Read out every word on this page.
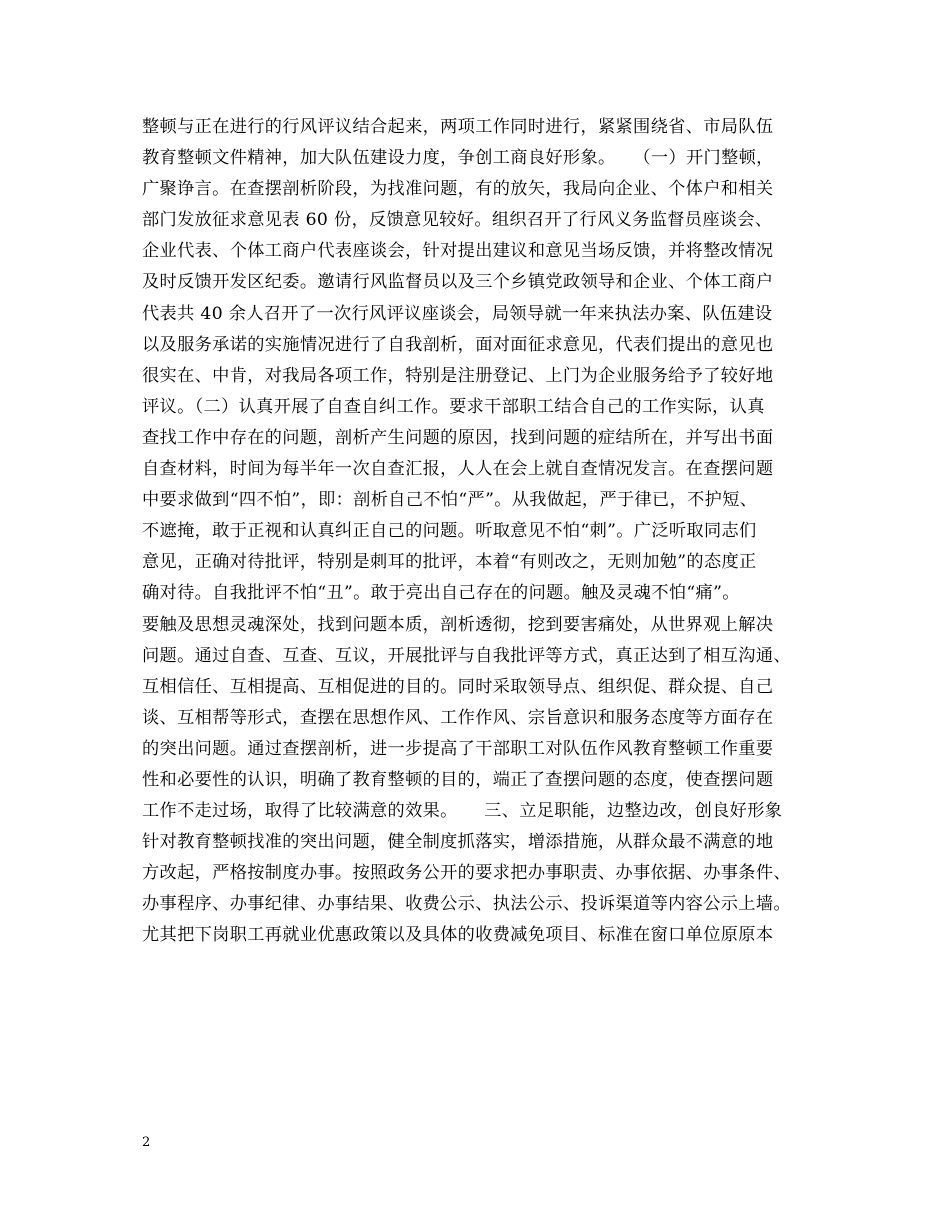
整顿与正在进行的行风评议结合起来，两项工作同时进行，紧紧围绕省、市局队伍
教育整顿文件精神，加大队伍建设力度，争创工商良好形象。　　（一）开门整顿，
广聚诤言。在查摆剖析阶段，为找准问题，有的放矢，我局向企业、个体户和相关
部门发放征求意见表 60 份，反馈意见较好。组织召开了行风义务监督员座谈会、
企业代表、个体工商户代表座谈会，针对提出建议和意见当场反馈，并将整改情况
及时反馈开发区纪委。邀请行风监督员以及三个乡镇党政领导和企业、个体工商户
代表共 40 余人召开了一次行风评议座谈会，局领导就一年来执法办案、队伍建设
以及服务承诺的实施情况进行了自我剖析，面对面征求意见，代表们提出的意见也
很实在、中肯，对我局各项工作，特别是注册登记、上门为企业服务给予了较好地
评议。（二）认真开展了自查自纠工作。要求干部职工结合自己的工作实际，认真
查找工作中存在的问题，剖析产生问题的原因，找到问题的症结所在，并写出书面
自查材料，时间为每半年一次自查汇报，人人在会上就自查情况发言。在查摆问题
中要求做到“四不怕”，即：剖析自己不怕“严”。从我做起，严于律已，不护短、
不遮掩，敢于正视和认真纠正自己的问题。听取意见不怕“刺”。广泛听取同志们
意见，正确对待批评，特别是刺耳的批评，本着“有则改之，无则加勉”的态度正
确对待。自我批评不怕“丑”。敢于亮出自己存在的问题。触及灵魂不怕“痛”。
要触及思想灵魂深处，找到问题本质，剖析透彻，挖到要害痛处，从世界观上解决
问题。通过自查、互查、互议，开展批评与自我批评等方式，真正达到了相互沟通、
互相信任、互相提高、互相促进的目的。同时采取领导点、组织促、群众提、自己
谈、互相帮等形式，查摆在思想作风、工作作风、宗旨意识和服务态度等方面存在
的突出问题。通过查摆剖析，进一步提高了干部职工对队伍作风教育整顿工作重要
性和必要性的认识，明确了教育整顿的目的，端正了查摆问题的态度，使查摆问题
工作不走过场，取得了比较满意的效果。　　三、立足职能，边整边改，创良好形象
针对教育整顿找准的突出问题，健全制度抓落实，增添措施，从群众最不满意的地
方改起，严格按制度办事。按照政务公开的要求把办事职责、办事依据、办事条件、
办事程序、办事纪律、办事结果、收费公示、执法公示、投诉渠道等内容公示上墙。
尤其把下岗职工再就业优惠政策以及具体的收费减免项目、标准在窗口单位原原本
2
